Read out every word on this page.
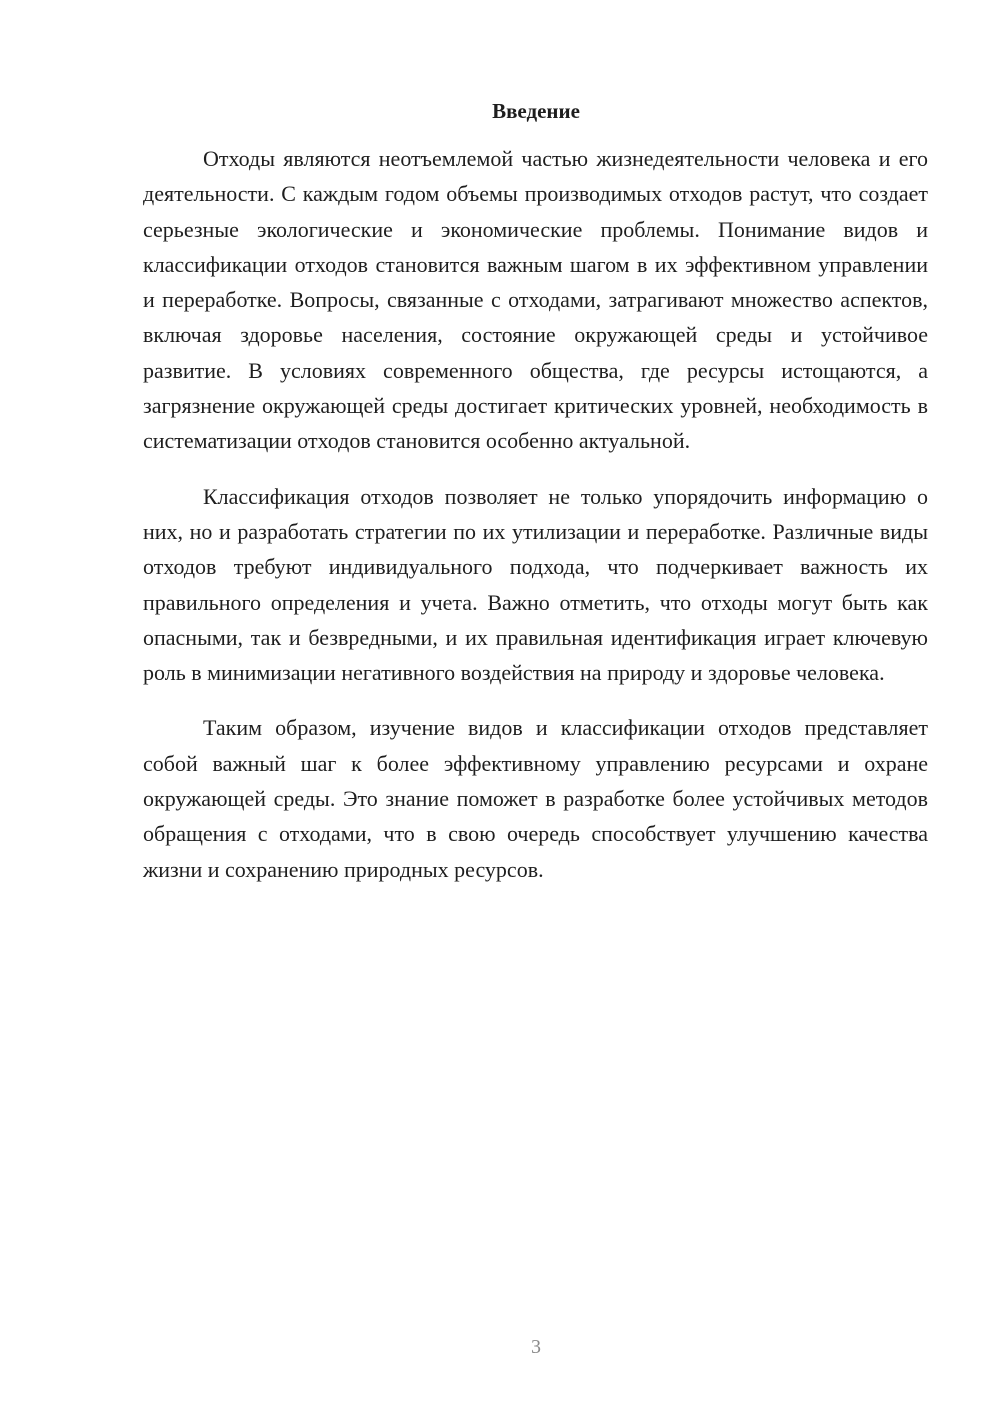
Введение

Отходы являются неотъемлемой частью жизнедеятельности человека и его деятельности. С каждым годом объемы производимых отходов растут, что создает серьезные экологические и экономические проблемы. Понимание видов и классификации отходов становится важным шагом в их эффективном управлении и переработке. Вопросы, связанные с отходами, затрагивают множество аспектов, включая здоровье населения, состояние окружающей среды и устойчивое развитие. В условиях современного общества, где ресурсы истощаются, а загрязнение окружающей среды достигает критических уровней, необходимость в систематизации отходов становится особенно актуальной.

Классификация отходов позволяет не только упорядочить информацию о них, но и разработать стратегии по их утилизации и переработке. Различные виды отходов требуют индивидуального подхода, что подчеркивает важность их правильного определения и учета. Важно отметить, что отходы могут быть как опасными, так и безвредными, и их правильная идентификация играет ключевую роль в минимизации негативного воздействия на природу и здоровье человека.

Таким образом, изучение видов и классификации отходов представляет собой важный шаг к более эффективному управлению ресурсами и охране окружающей среды. Это знание поможет в разработке более устойчивых методов обращения с отходами, что в свою очередь способствует улучшению качества жизни и сохранению природных ресурсов.

3
